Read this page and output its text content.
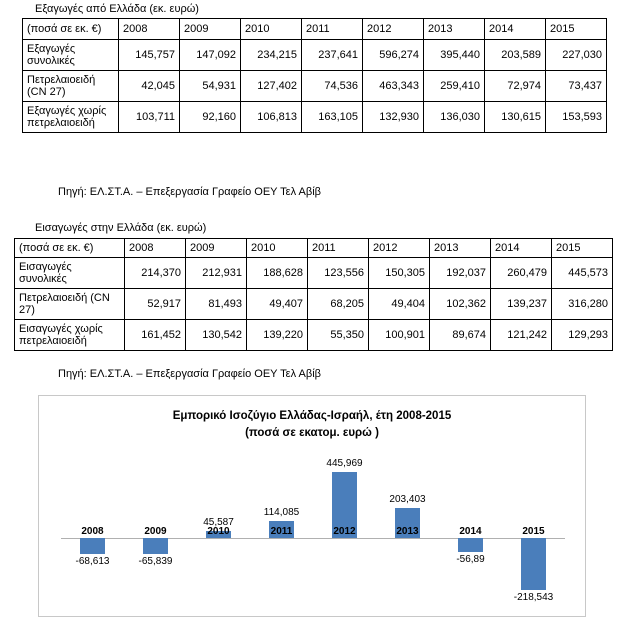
Εξαγωγές από Ελλάδα (εκ. ευρώ)
(ποσά σε εκ. €)	2008	2009	2010	2011	2012	2013	2014	2015
Εξαγωγές συνολικές	145,757	147,092	234,215	237,641	596,274	395,440	203,589	227,030
Πετρελαιοειδή (CN 27)	42,045	54,931	127,402	74,536	463,343	259,410	72,974	73,437
Εξαγωγές χωρίς πετρελαιοειδή	103,711	92,160	106,813	163,105	132,930	136,030	130,615	153,593
Πηγή: ΕΛ.ΣΤ.Α. – Επεξεργασία Γραφείο ΟΕΥ Τελ Αβίβ
Εισαγωγές στην Ελλάδα (εκ. ευρώ)
(ποσά σε εκ. €)	2008	2009	2010	2011	2012	2013	2014	2015
Εισαγωγές συνολικές	214,370	212,931	188,628	123,556	150,305	192,037	260,479	445,573
Πετρελαιοειδή (CN 27)	52,917	81,493	49,407	68,205	49,404	102,362	139,237	316,280
Εισαγωγές χωρίς πετρελαιοειδή	161,452	130,542	139,220	55,350	100,901	89,674	121,242	129,293
Πηγή: ΕΛ.ΣΤ.Α. – Επεξεργασία Γραφείο ΟΕΥ Τελ Αβίβ
Εμπορικό Ισοζύγιο Ελλάδας-Ισραήλ, έτη 2008-2015
(ποσά σε εκατομ. ευρώ )
-68,613
2008
-65,839
2009
45,587
2010
114,085
2011
445,969
2012
203,403
2013
-56,89
2014
-218,543
2015
